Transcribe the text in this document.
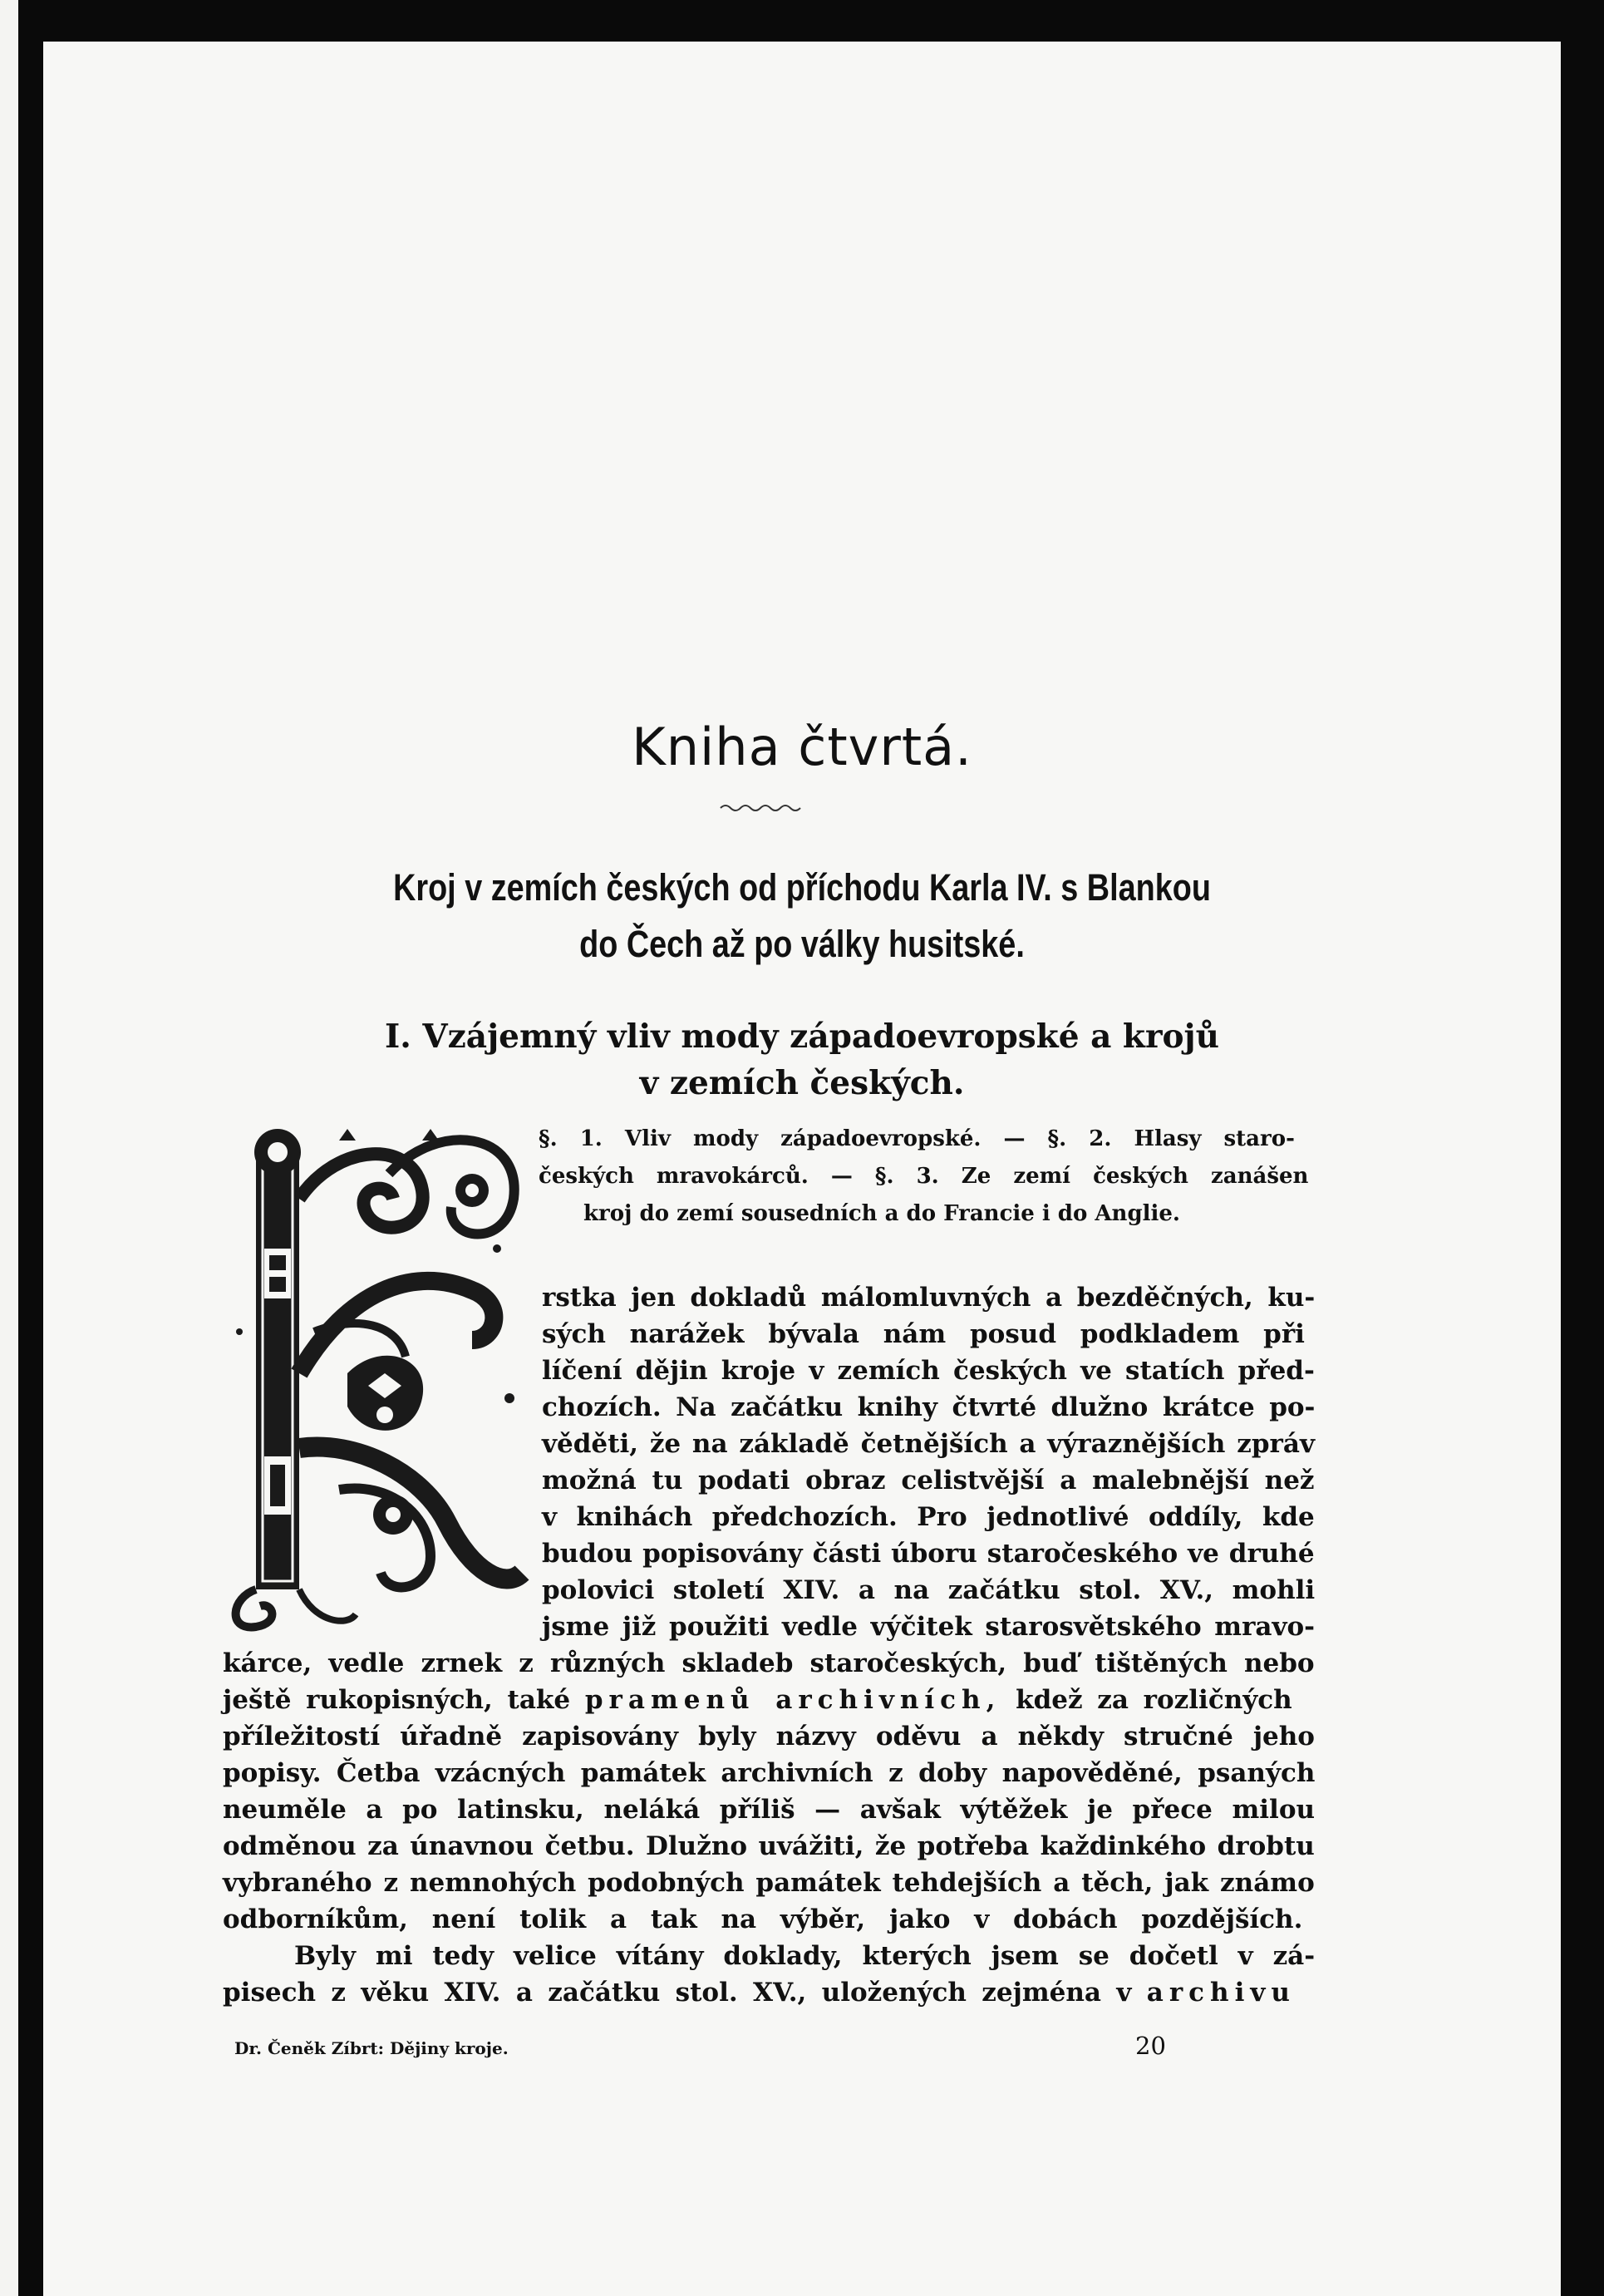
Kniha čtvrtá.
Kroj v zemích českých od příchodu Karla IV. s Blankou
do Čech až po války husitské.
I. Vzájemný vliv mody západoevropské a krojů
v zemích českých.
§. 1. Vliv mody západoevropské. — §. 2. Hlasy staro-
českých mravokárců. — §. 3. Ze zemí českých zanášen
kroj do zemí sousedních a do Francie i do Anglie.
rstka jen dokladů málomluvných a bezděčných, ku-
sých narážek bývala nám posud podkladem při
líčení dějin kroje v zemích českých ve statích před-
chozích. Na začátku knihy čtvrté dlužno krátce po-
věděti, že na základě četnějších a výraznějších zpráv
možná tu podati obraz celistvější a malebnější než
v knihách předchozích. Pro jednotlivé oddíly, kde
budou popisovány části úboru staročeského ve druhé
polovici století XIV. a na začátku stol. XV., mohli
jsme již použiti vedle výčitek starosvětského mravo-
kárce, vedle zrnek z různých skladeb staročeských, buď tištěných nebo
ještě rukopisných, také pramenů archivních, kdež za rozličných
příležitostí úřadně zapisovány byly názvy oděvu a někdy stručné jeho
popisy. Četba vzácných památek archivních z doby napověděné, psaných
neuměle a po latinsku, neláká příliš — avšak výtěžek je přece milou
odměnou za únavnou četbu. Dlužno uvážiti, že potřeba každinkého drobtu
vybraného z nemnohých podobných památek tehdejších a těch, jak známo
odborníkům, není tolik a tak na výběr, jako v dobách pozdějších.
Byly mi tedy velice vítány doklady, kterých jsem se dočetl v zá-
pisech z věku XIV. a začátku stol. XV., uložených zejména v archivu
Dr. Čeněk Zíbrt: Dějiny kroje.	20
